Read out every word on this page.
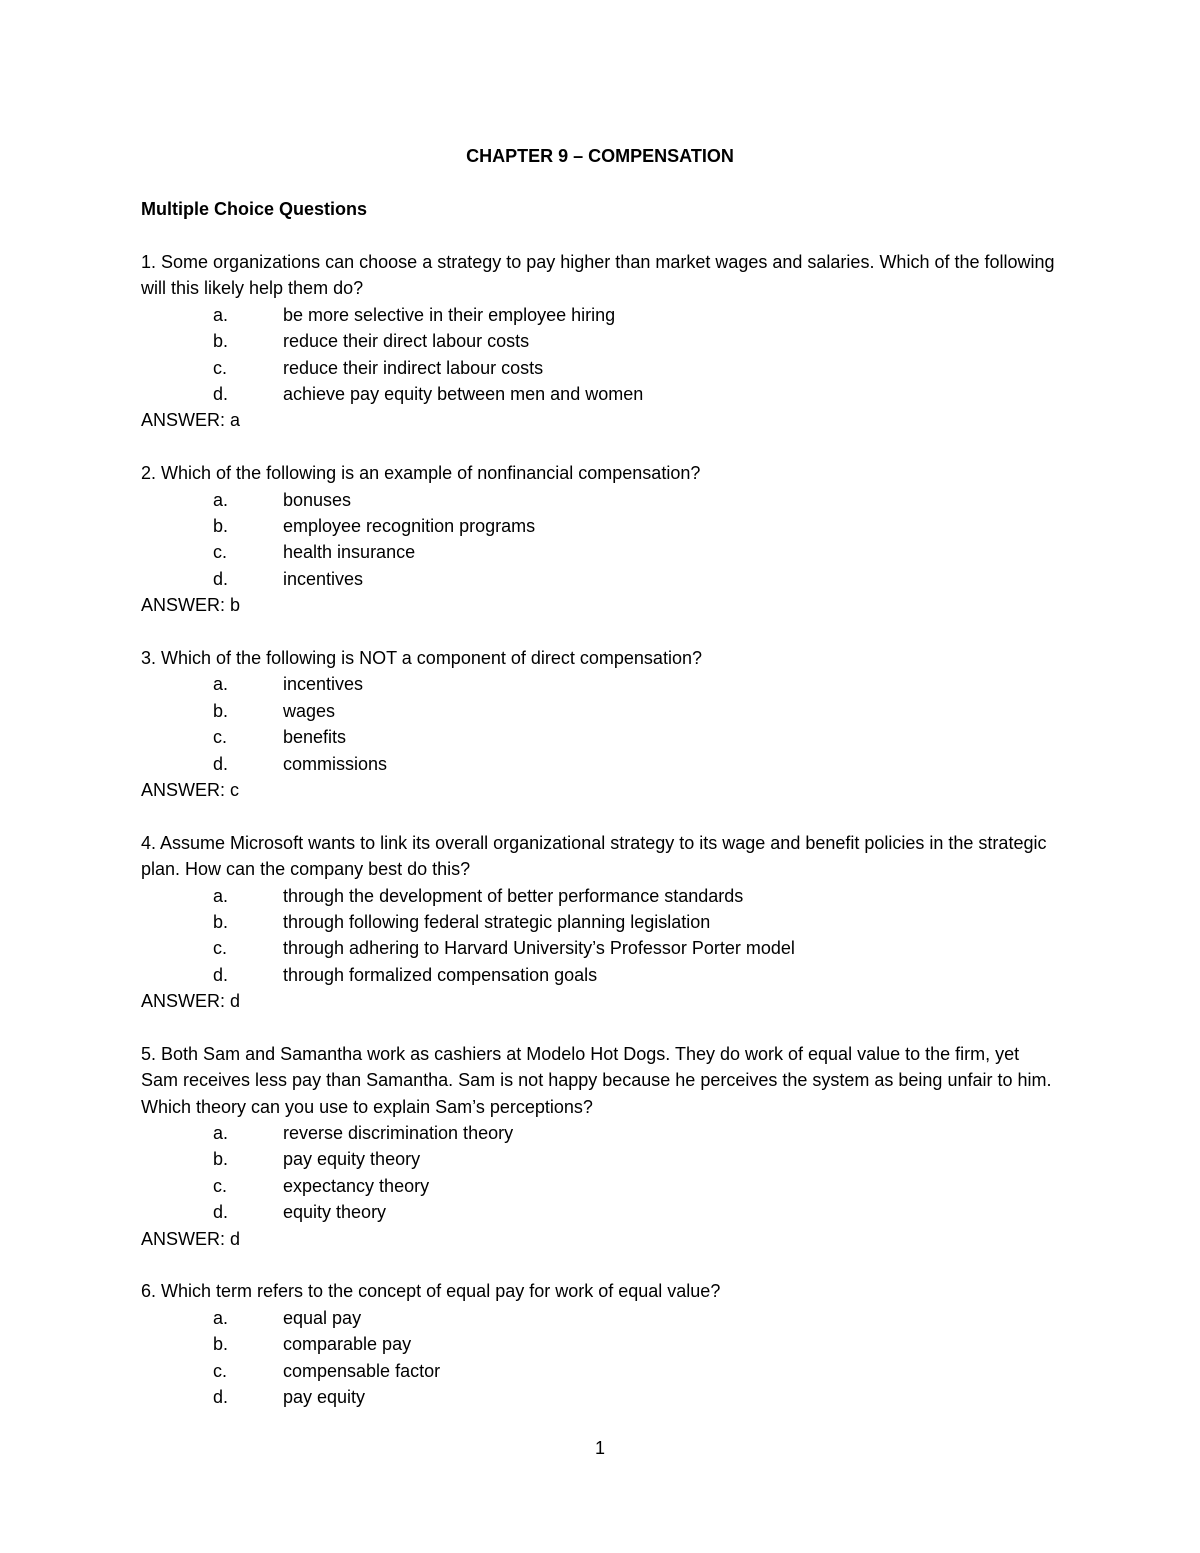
CHAPTER 9 – COMPENSATION
Multiple Choice Questions

1. Some organizations can choose a strategy to pay higher than market wages and salaries. Which of the following will this likely help them do?

a.	be more selective in their employee hiring
b.	reduce their direct labour costs
c.	reduce their indirect labour costs
d.	achieve pay equity between men and women

ANSWER: a

2. Which of the following is an example of nonfinancial compensation?

a.	bonuses
b.	employee recognition programs
c.	health insurance
d.	incentives

ANSWER: b

3. Which of the following is NOT a component of direct compensation?

a.	incentives
b.	wages
c.	benefits
d.	commissions

ANSWER: c

4. Assume Microsoft wants to link its overall organizational strategy to its wage and benefit policies in the strategic plan. How can the company best do this?

a.	through the development of better performance standards
b.	through following federal strategic planning legislation
c.	through adhering to Harvard University’s Professor Porter model
d.	through formalized compensation goals

ANSWER: d

5. Both Sam and Samantha work as cashiers at Modelo Hot Dogs. They do work of equal value to the firm, yet Sam receives less pay than Samantha. Sam is not happy because he perceives the system as being unfair to him. Which theory can you use to explain Sam’s perceptions?

a.	reverse discrimination theory
b.	pay equity theory
c.	expectancy theory
d.	equity theory

ANSWER: d

6. Which term refers to the concept of equal pay for work of equal value?

a.	equal pay
b.	comparable pay
c.	compensable factor
d.	pay equity
1
